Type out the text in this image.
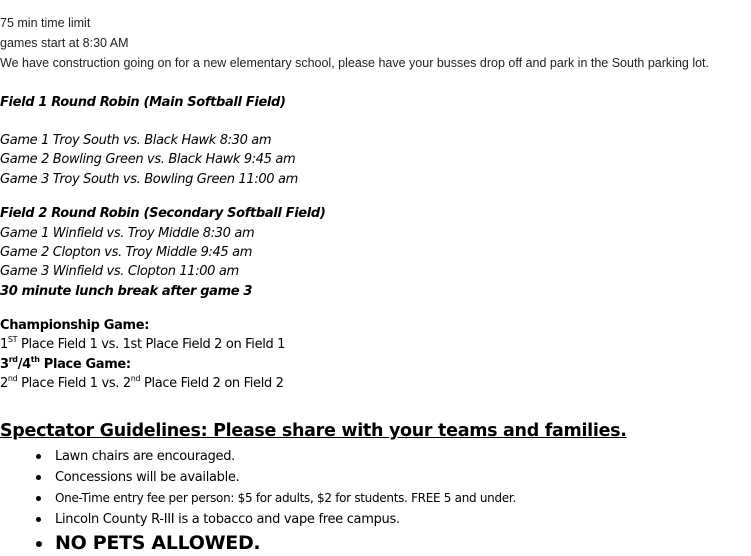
75 min time limit
games start at 8:30 AM
We have construction going on for a new elementary school, please have your busses drop off and park in the South parking lot.
Field 1 Round Robin (Main Softball Field)
Game 1 Troy South vs. Black Hawk 8:30 am
Game 2 Bowling Green vs. Black Hawk 9:45 am
Game 3 Troy South vs. Bowling Green 11:00 am
Field 2 Round Robin (Secondary Softball Field)
Game 1 Winfield vs. Troy Middle 8:30 am
Game 2 Clopton vs. Troy Middle 9:45 am
Game 3 Winfield vs. Clopton 11:00 am
30 minute lunch break after game 3
Championship Game:
1ST Place Field 1 vs. 1st Place Field 2 on Field 1
3rd/4th Place Game:
2nd Place Field 1 vs. 2nd Place Field 2 on Field 2
Spectator Guidelines: Please share with your teams and families.
Lawn chairs are encouraged.
Concessions will be available.
One-Time entry fee per person: $5 for adults, $2 for students. FREE 5 and under.
Lincoln County R-III is a tobacco and vape free campus.
NO PETS ALLOWED.
